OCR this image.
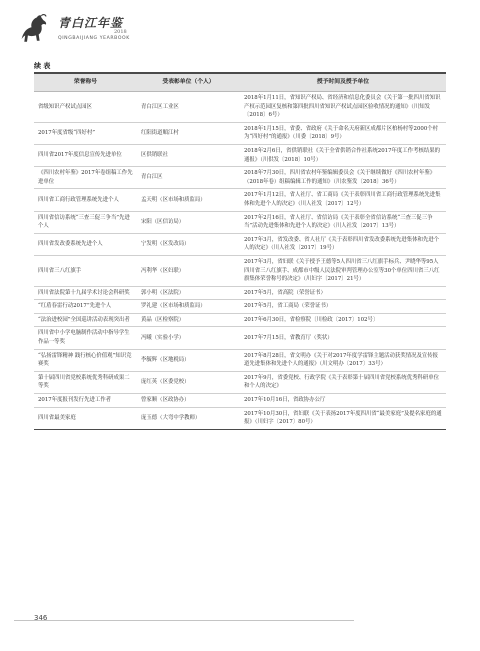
青白江年鉴
2018
QINGBAIJIANG YEARBOOK
续 表
荣誉称号	受表彰单位（个人）	授予时间及授予单位
省级知识产权试点园区	青白江区工业区	2018年1月11日，省知识产权局、省经济和信息化委员会《关于第一批四川省知识产权示范园区复核和第四批四川省知识产权试点园区验收情况的通知》（川知发〔2018〕6号）
2017年度省级“四好村”	红阳街道順江村	2018年1月15日，省委、省政府《关于命名天府新区成都片区柏杨村等2000个村为“四好村”的通报》（川委〔2018〕9号）
四川省2017年度信息宣传先进单位	区供销联社	2018年2月6日，省供销联社《关于全省供销合作社系统2017年度工作考核结果的通报》（川供发〔2018〕10号）
《四川农村年鉴》2017年卷组稿工作先进单位	青白江区	2018年7月30日，四川省农村年鉴编辑委员会《关于继续做好《四川农村年鉴》（2018年卷）组稿编辑工作的通知》（川农鉴发〔2018〕36号）
四川省工商行政管理系统先进个人	孟天明（区市场和质监局）	2017年1月12日，省人社厅、省工商局《关于表彰四川省工商行政管理系统先进集体和先进个人的决定》（川人社发〔2017〕12号）
四川省信访系统“三查三促三争当”先进个人	宋阳（区信访局）	2017年2月16日，省人社厅、省信访局《关于表彰全省信访系统“三查三促三争当”活动先进集体和先进个人的决定》（川人社发〔2017〕13号）
四川省发改委系统先进个人	宁发明（区发改局）	2017年3月，省发改委、省人社厅《关于表彰四川省发改委系统先进集体和先进个人的决定》（川人社发〔2017〕19号）
四川省三八红旗手	冯利华（区妇联）	2017年3月，省妇联《关于授予王德等5人四川省三八红旗手标兵、尹晓华等95人四川省三八红旗手、成都市中级人民法院审判管理办公室等30个单位四川省三八红旗集体荣誉称号的决定》（川妇字〔2017〕21号）
四川省法院第十九届学术讨论会科研奖	郭小明（区法院）	2017年5月，省高院（荣誉证书）
“红盾春雷行动2017”先进个人	罗礼建（区市场和质监局）	2017年5月，省工商局（荣誉证书）
“法治进校园”全国巡讲活动表现突出者	黄晶（区检察院）	2017年6月30日，省检察院〔川检政〔2017〕102号〕
四川省中小学电脑制作活动中指导学生作品一等奖	冯曦（实验小学）	2017年7月15日，省教育厅（奖状）
“弘扬雷锋精神 践行核心价值观”知识竞赛奖	李毓辉（区地税局）	2017年8月28日，省文明办《关于对2017年度学雷锋主题活动获奖情况及宣传报道先进集体和先进个人的通报》（川文明办〔2017〕33号）
第十届四川省党校系统优秀科研成果二等奖	庞红英（区委党校）	2017年9月，省委党校、行政学院《关于表彰第十届四川省党校系统优秀科研单位和个人的决定》
2017年度报刊发行先进工作者	曾家顺（区政协办）	2017年10月16日，省政协办公厅
四川省最美家庭	庞玉德（大弯中学教师）	2017年10月30日，省妇联《关于表扬2017年度四川省“最美家庭”及提名家庭的通报》（川妇字〔2017〕80号）
346
